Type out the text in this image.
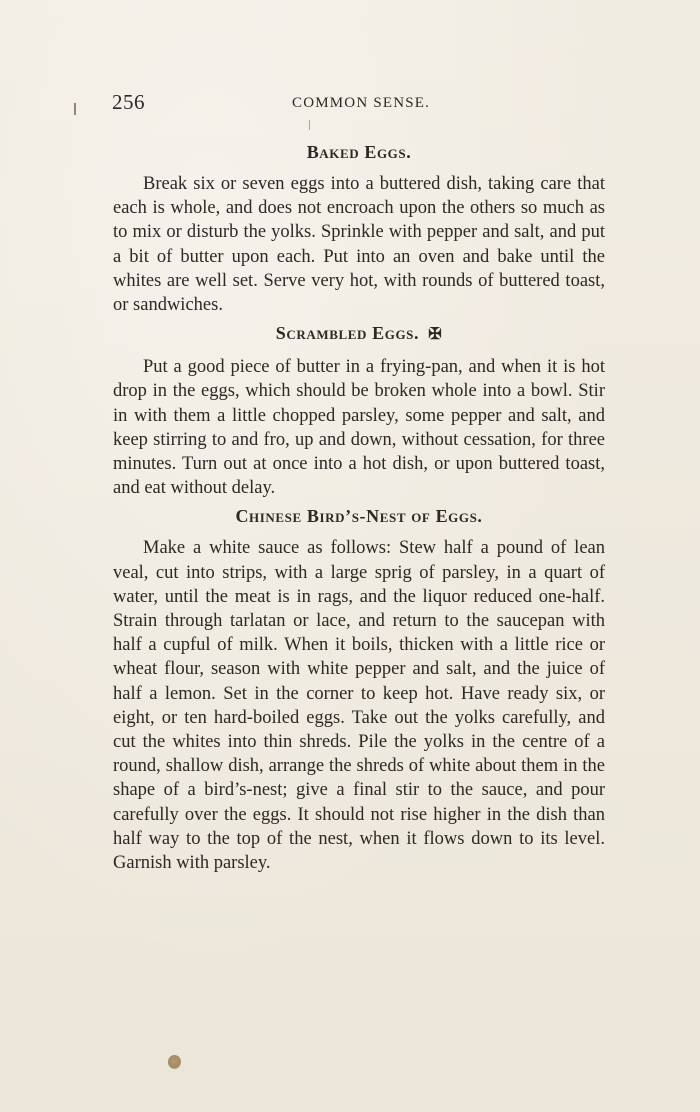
256	COMMON SENSE.
Baked Eggs.

Break six or seven eggs into a buttered dish, taking care that each is whole, and does not encroach upon the others so much as to mix or disturb the yolks. Sprinkle with pepper and salt, and put a bit of butter upon each. Put into an oven and bake until the whites are well set. Serve very hot, with rounds of buttered toast, or sandwiches.

Scrambled Eggs. ✠

Put a good piece of butter in a frying-pan, and when it is hot drop in the eggs, which should be broken whole into a bowl. Stir in with them a little chopped parsley, some pepper and salt, and keep stirring to and fro, up and down, without cessation, for three minutes. Turn out at once into a hot dish, or upon buttered toast, and eat without delay.

Chinese Bird’s-Nest of Eggs.

Make a white sauce as follows: Stew half a pound of lean veal, cut into strips, with a large sprig of parsley, in a quart of water, until the meat is in rags, and the liquor reduced one-half. Strain through tarlatan or lace, and return to the saucepan with half a cupful of milk. When it boils, thicken with a little rice or wheat flour, season with white pepper and salt, and the juice of half a lemon. Set in the corner to keep hot. Have ready six, or eight, or ten hard-boiled eggs. Take out the yolks carefully, and cut the whites into thin shreds. Pile the yolks in the centre of a round, shallow dish, arrange the shreds of white about them in the shape of a bird’s-nest; give a final stir to the sauce, and pour carefully over the eggs. It should not rise higher in the dish than half way to the top of the nest, when it flows down to its level. Garnish with parsley.
